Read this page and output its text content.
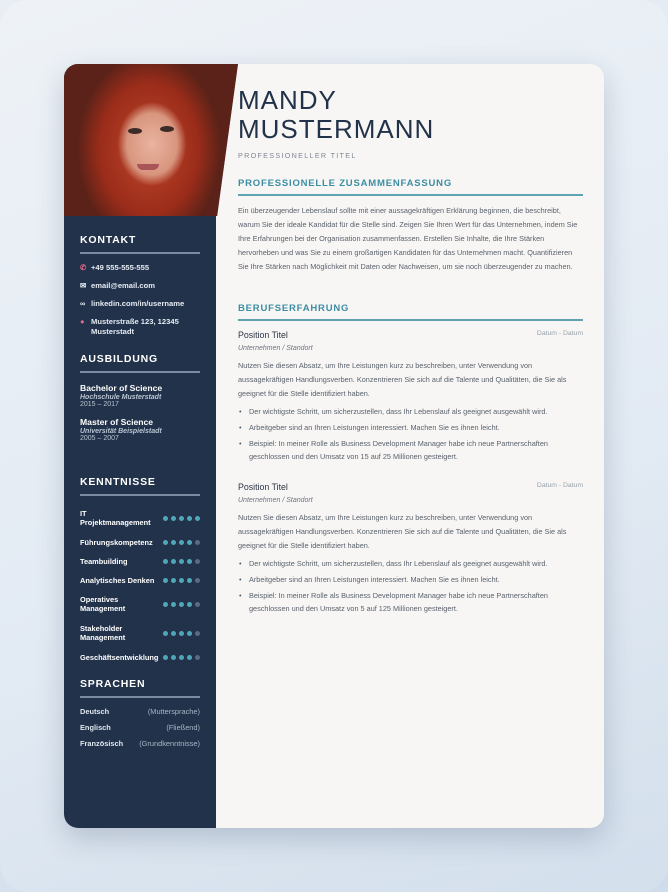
KONTAKT
✆ +49 555-555-555
✉ email@email.com
∞ linkedin.com/in/username
● Musterstraße 123, 12345 Musterstadt
AUSBILDUNG
Bachelor of Science
Hochschule Musterstadt
2015 – 2017
Master of Science
Universität Beispielstadt
2005 – 2007
KENNTNISSE
IT Projektmanagement
Führungskompetenz
Teambuilding
Analytisches Denken
Operatives Management
Stakeholder Management
Geschäftsentwicklung
SPRACHEN
Deutsch	(Muttersprache)
Englisch	(Fließend)
Französisch (Grundkenntnisse)
MANDY
MUSTERMANN
PROFESSIONELLER TITEL
PROFESSIONELLE ZUSAMMENFASSUNG
Ein überzeugender Lebenslauf sollte mit einer aussagekräftigen Erklärung beginnen, die beschreibt, warum Sie der ideale Kandidat für die Stelle sind. Zeigen Sie Ihren Wert für das Unternehmen, indem Sie Ihre Erfahrungen bei der Organisation zusammenfassen. Erstellen Sie Inhalte, die Ihre Stärken hervorheben und was Sie zu einem großartigen Kandidaten für das Unternehmen macht. Quantifizieren Sie Ihre Stärken nach Möglichkeit mit Daten oder Nachweisen, um sie noch überzeugender zu machen.
BERUFSERFAHRUNG
Position Titel	Datum - Datum
Unternehmen / Standort
Nutzen Sie diesen Absatz, um Ihre Leistungen kurz zu beschreiben, unter Verwendung von aussagekräftigen Handlungsverben. Konzentrieren Sie sich auf die Talente und Qualitäten, die Sie als geeignet für die Stelle identifiziert haben.
• Der wichtigste Schritt, um sicherzustellen, dass Ihr Lebenslauf als geeignet ausgewählt wird.
• Arbeitgeber sind an Ihren Leistungen interessiert. Machen Sie es ihnen leicht.
• Beispiel: In meiner Rolle als Business Development Manager habe ich neue Partnerschaften geschlossen und den Umsatz von 15 auf 25 Millionen gesteigert.
Position Titel	Datum - Datum
Unternehmen / Standort
Nutzen Sie diesen Absatz, um Ihre Leistungen kurz zu beschreiben, unter Verwendung von aussagekräftigen Handlungsverben. Konzentrieren Sie sich auf die Talente und Qualitäten, die Sie als geeignet für die Stelle identifiziert haben.
• Der wichtigste Schritt, um sicherzustellen, dass Ihr Lebenslauf als geeignet ausgewählt wird.
• Arbeitgeber sind an Ihren Leistungen interessiert. Machen Sie es ihnen leicht.
• Beispiel: In meiner Rolle als Business Development Manager habe ich neue Partnerschaften geschlossen und den Umsatz von 5 auf 125 Millionen gesteigert.
